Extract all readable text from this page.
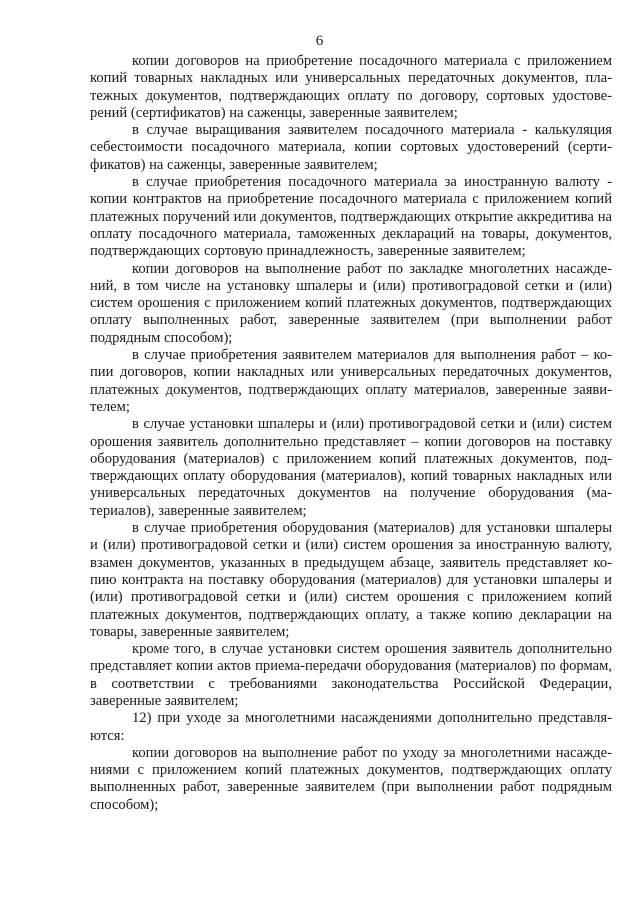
6

копии договоров на приобретение посадочного материала с приложением копий товарных накладных или универсальных передаточных документов, платежных документов, подтверждающих оплату по договору, сортовых удостоверений (сертификатов) на саженцы, заверенные заявителем;

в случае выращивания заявителем посадочного материала - калькуляция себестоимости посадочного материала, копии сортовых удостоверений (сертификатов) на саженцы, заверенные заявителем;

в случае приобретения посадочного материала за иностранную валюту - копии контрактов на приобретение посадочного материала с приложением копий платежных поручений или документов, подтверждающих открытие аккредитива на оплату посадочного материала, таможенных деклараций на товары, документов, подтверждающих сортовую принадлежность, заверенные заявителем;

копии договоров на выполнение работ по закладке многолетних насаждений, в том числе на установку шпалеры и (или) противоградовой сетки и (или) систем орошения с приложением копий платежных документов, подтверждающих оплату выполненных работ, заверенные заявителем (при выполнении работ подрядным способом);

в случае приобретения заявителем материалов для выполнения работ – копии договоров, копии накладных или универсальных передаточных документов, платежных документов, подтверждающих оплату материалов, заверенные заявителем;

в случае установки шпалеры и (или) противоградовой сетки и (или) систем орошения заявитель дополнительно представляет – копии договоров на поставку оборудования (материалов) с приложением копий платежных документов, подтверждающих оплату оборудования (материалов), копий товарных накладных или универсальных передаточных документов на получение оборудования (материалов), заверенные заявителем;

в случае приобретения оборудования (материалов) для установки шпалеры и (или) противоградовой сетки и (или) систем орошения за иностранную валюту, взамен документов, указанных в предыдущем абзаце, заявитель представляет копию контракта на поставку оборудования (материалов) для установки шпалеры и (или) противоградовой сетки и (или) систем орошения с приложением копий платежных документов, подтверждающих оплату, а также копию декларации на товары, заверенные заявителем;

кроме того, в случае установки систем орошения заявитель дополнительно представляет копии актов приема-передачи оборудования (материалов) по формам, в соответствии с требованиями законодательства Российской Федерации, заверенные заявителем;

12) при уходе за многолетними насаждениями дополнительно представляются:

копии договоров на выполнение работ по уходу за многолетними насаждениями с приложением копий платежных документов, подтверждающих оплату выполненных работ, заверенные заявителем (при выполнении работ подрядным способом);
